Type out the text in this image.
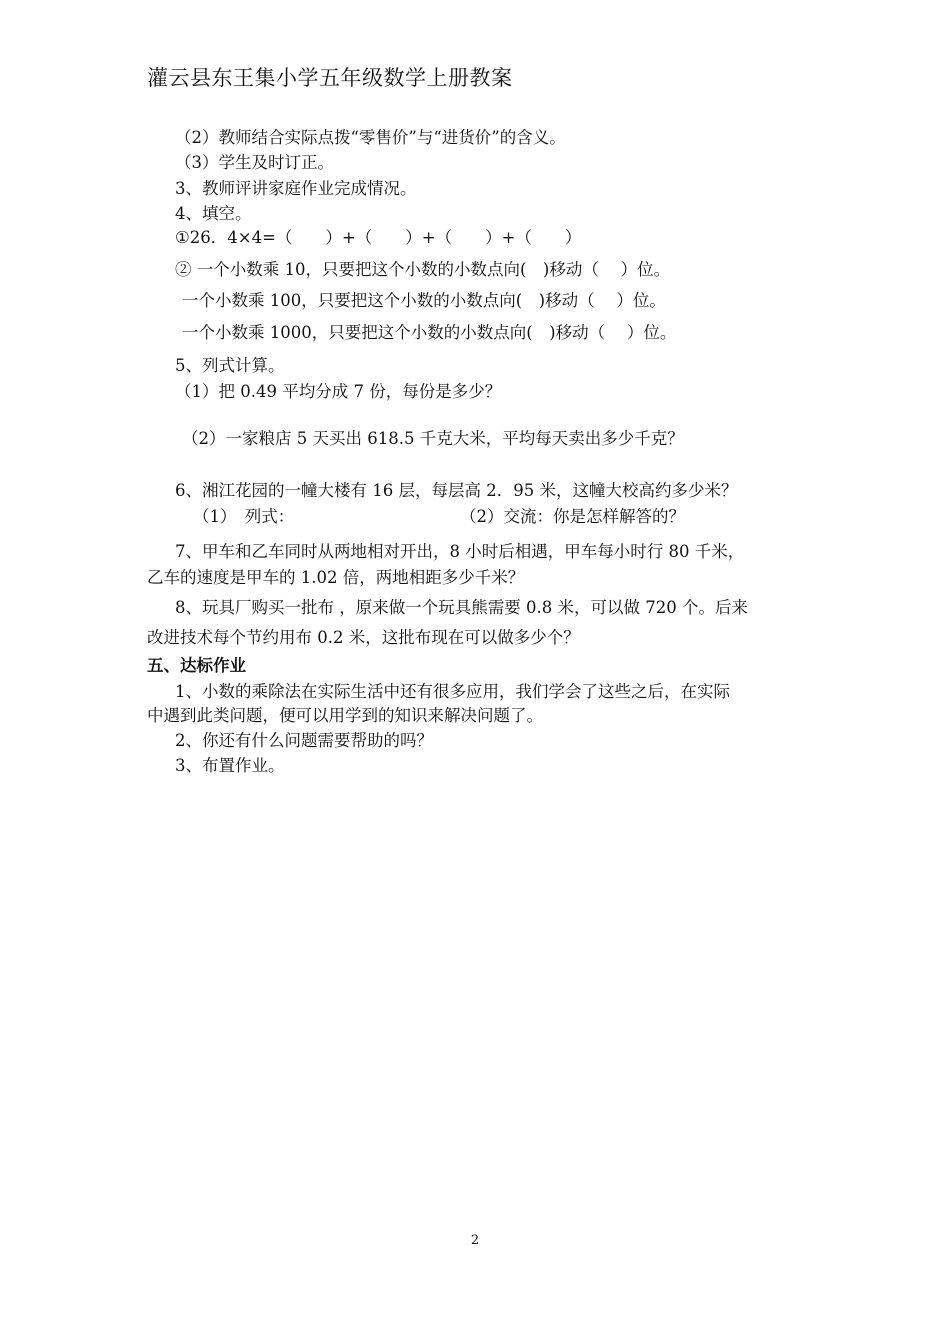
灌云县东王集小学五年级数学上册教案
（2）教师结合实际点拨“零售价”与“进货价”的含义。
（3）学生及时订正。
3、教师评讲家庭作业完成情况。
4、填空。
①26．4×4=（　　）+（　　）+（　　）+（　　）
② 一个小数乘 10，只要把这个小数的小数点向(　)移动（　 ）位。
一个小数乘 100，只要把这个小数的小数点向(　)移动（　 ）位。
一个小数乘 1000，只要把这个小数的小数点向(　)移动（　 ）位。
5、列式计算。
（1）把 0.49 平均分成 7 份，每份是多少？
（2）一家粮店 5 天买出 618.5 千克大米，平均每天卖出多少千克？
6、湘江花园的一幢大楼有 16 层，每层高 2．95 米，这幢大校高约多少米？
（1）　列式：	（2）交流：你是怎样解答的？
7、甲车和乙车同时从两地相对开出，8 小时后相遇，甲车每小时行 80 千米，
乙车的速度是甲车的 1.02 倍，两地相距多少千米？
8、玩具厂购买一批布 ，原来做一个玩具熊需要 0.8 米，可以做 720 个。后来
改进技术每个节约用布 0.2 米，这批布现在可以做多少个？
五、达标作业
1、小数的乘除法在实际生活中还有很多应用，我们学会了这些之后，在实际
中遇到此类问题，便可以用学到的知识来解决问题了。
2、你还有什么问题需要帮助的吗？
3、布置作业。
2
